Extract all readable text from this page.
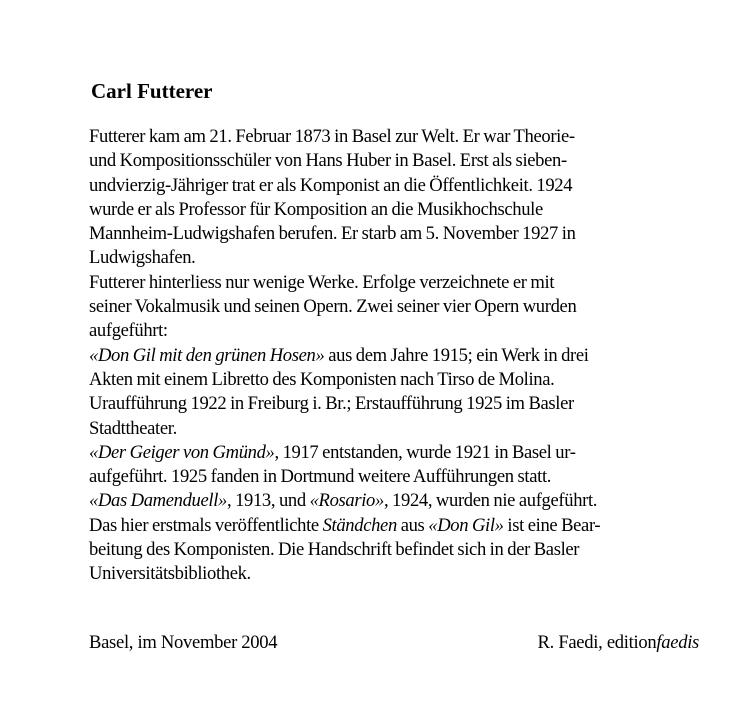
Carl Futterer
Futterer kam am 21. Februar 1873 in Basel zur Welt. Er war Theorie-
und Kompositionsschüler von Hans Huber in Basel. Erst als sieben-
undvierzig-Jähriger trat er als Komponist an die Öffentlichkeit. 1924
wurde er als Professor für Komposition an die Musikhochschule
Mannheim-Ludwigshafen berufen. Er starb am 5. November 1927 in
Ludwigshafen.
Futterer hinterliess nur wenige Werke. Erfolge verzeichnete er mit
seiner Vokalmusik und seinen Opern. Zwei seiner vier Opern wurden
aufgeführt:
«Don Gil mit den grünen Hosen» aus dem Jahre 1915; ein Werk in drei
Akten mit einem Libretto des Komponisten nach Tirso de Molina.
Uraufführung 1922 in Freiburg i. Br.; Erstaufführung 1925 im Basler
Stadttheater.
«Der Geiger von Gmünd», 1917 entstanden, wurde 1921 in Basel ur-
aufgeführt. 1925 fanden in Dortmund weitere Aufführungen statt.
«Das Damenduell», 1913, und «Rosario», 1924, wurden nie aufgeführt.
Das hier erstmals veröffentlichte Ständchen aus «Don Gil» ist eine Bear-
beitung des Komponisten. Die Handschrift befindet sich in der Basler
Universitätsbibliothek.
Basel, im November 2004	R. Faedi, editionfaedis
